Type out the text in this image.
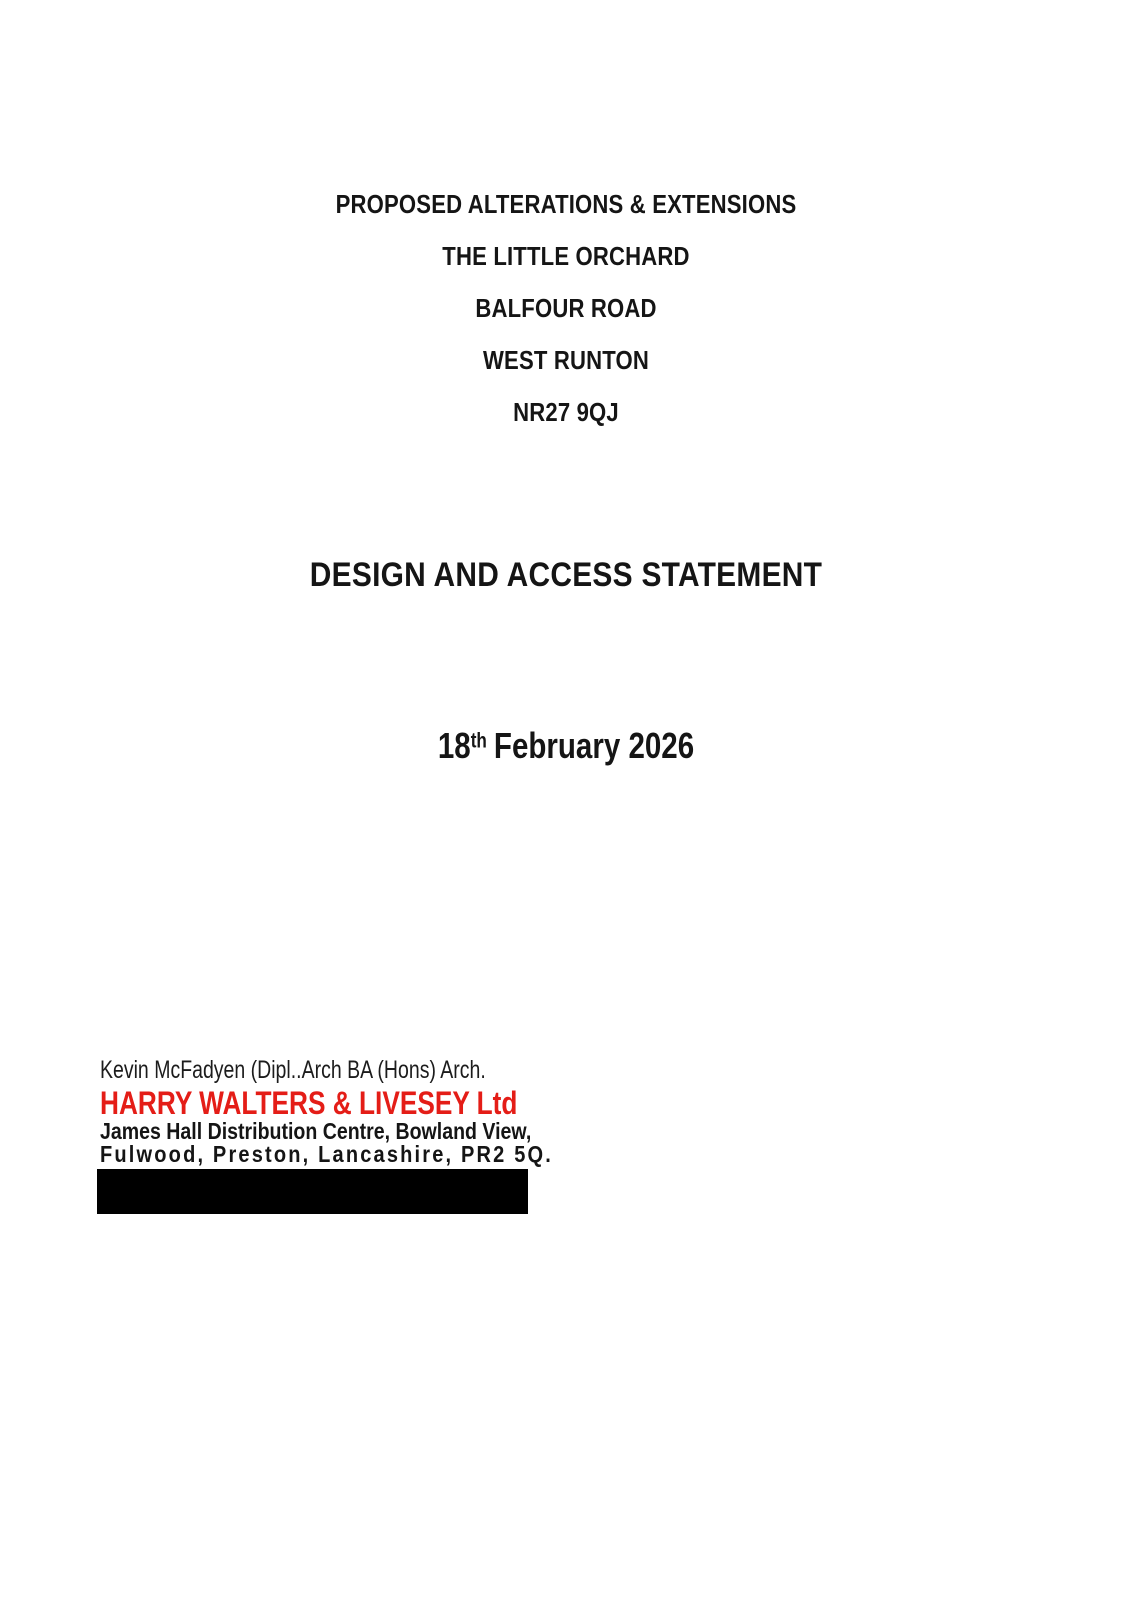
PROPOSED ALTERATIONS & EXTENSIONS
THE LITTLE ORCHARD
BALFOUR ROAD
WEST RUNTON
NR27 9QJ
DESIGN AND ACCESS STATEMENT
18th February 2026
Kevin McFadyen (Dipl..Arch BA (Hons) Arch.
HARRY WALTERS & LIVESEY Ltd
James Hall Distribution Centre, Bowland View,
Fulwood, Preston, Lancashire, PR2 5Q.
